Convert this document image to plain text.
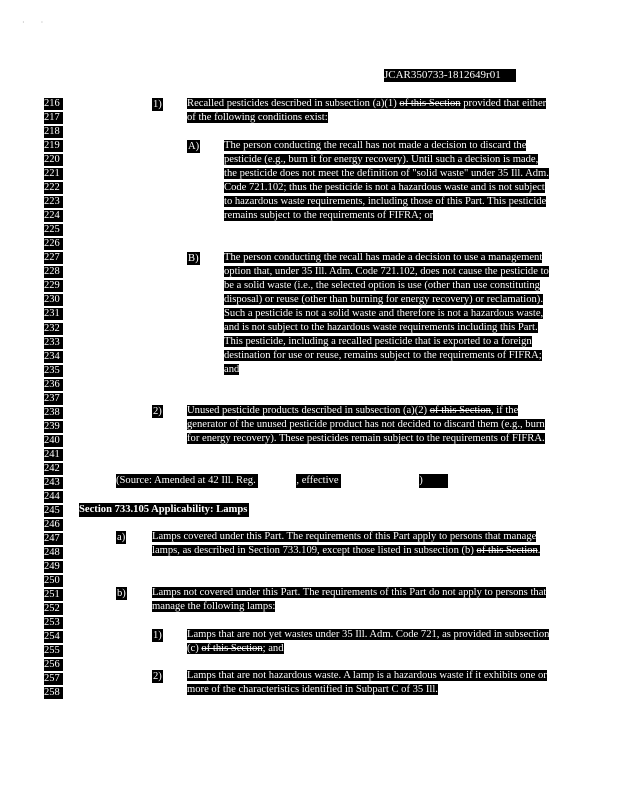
·        ·
JCAR350733-1812649r01
216
217
218
219
220
221
222
223
224
225
226
227
228
229
230
231
232
233
234
235
236
237
238
239
240
241
242
243
244
245
246
247
248
249
250
251
252
253
254
255
256
257
258
1) Recalled pesticides described in subsection (a)(1) of this Section provided that either of the following conditions exist:
A) The person conducting the recall has not made a decision to discard the pesticide (e.g., burn it for energy recovery). Until such a decision is made, the pesticide does not meet the definition of "solid waste" under 35 Ill. Adm. Code 721.102; thus the pesticide is not a hazardous waste and is not subject to hazardous waste requirements, including those of this Part. This pesticide remains subject to the requirements of FIFRA; or
B) The person conducting the recall has made a decision to use a management option that, under 35 Ill. Adm. Code 721.102, does not cause the pesticide to be a solid waste (i.e., the selected option is use (other than use constituting disposal) or reuse (other than burning for energy recovery) or reclamation). Such a pesticide is not a solid waste and therefore is not a hazardous waste, and is not subject to the hazardous waste requirements including this Part. This pesticide, including a recalled pesticide that is exported to a foreign destination for use or reuse, remains subject to the requirements of FIFRA; and
2) Unused pesticide products described in subsection (a)(2) of this Section, if the generator of the unused pesticide product has not decided to discard them (e.g., burn for energy recovery). These pesticides remain subject to the requirements of FIFRA.
(Source: Amended at 42 Ill. Reg.	, effective	)
Section 733.105 Applicability: Lamps
a)	Lamps covered under this Part. The requirements of this Part apply to persons that manage lamps, as described in Section 733.109, except those listed in subsection (b) of this Section.
b) Lamps not covered under this Part. The requirements of this Part do not apply to persons that manage the following lamps:
1) Lamps that are not yet wastes under 35 Ill. Adm. Code 721, as provided in subsection (c) of this Section; and
2) Lamps that are not hazardous waste. A lamp is a hazardous waste if it exhibits one or more of the characteristics identified in Subpart C of 35 Ill.
